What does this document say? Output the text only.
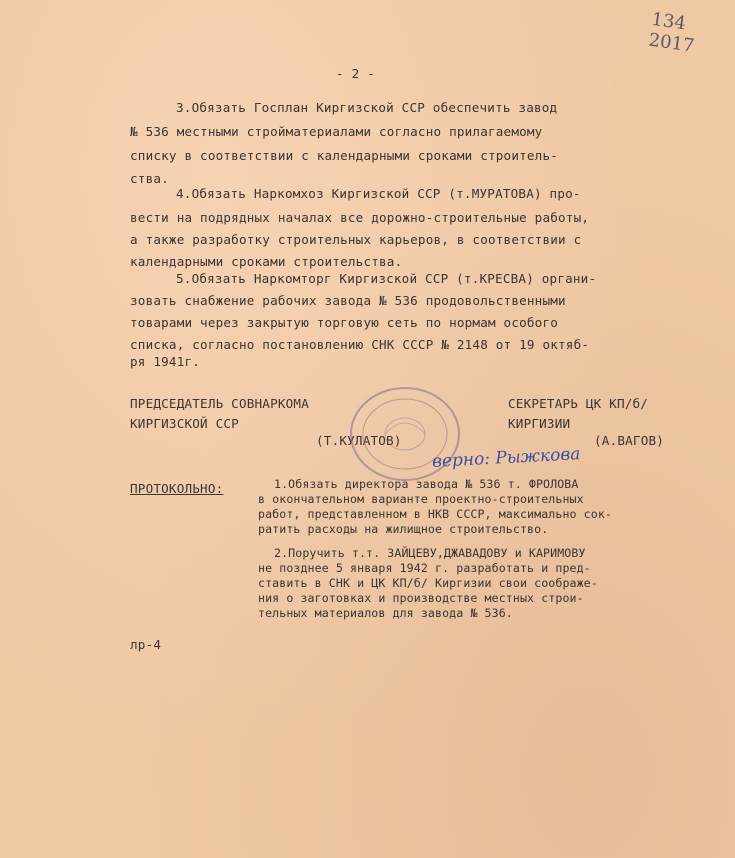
134 2017
- 2 -
3.Обязать Госплан Киргизской ССР обеспечить завод
№ 536 местными стройматериалами согласно прилагаемому
списку в соответствии с календарными сроками строитель-
ства.
4.Обязать Наркомхоз Киргизской ССР (т.МУРАТОВА) про-
вести на подрядных началах все дорожно-строительные работы,
а также разработку строительных карьеров, в соответствии с
календарными сроками строительства.
5.Обязать Наркомторг Киргизской ССР (т.КРЕСВА) органи-
зовать снабжение рабочих завода № 536 продовольственными
товарами через закрытую торговую сеть по нормам особого
списка, согласно постановлению СНК СССР № 2148 от 19 октяб-
ря 1941г.
ПРЕДСЕДАТЕЛЬ СОВНАРКОМА
КИРГИЗСКОЙ ССР
(Т.КУЛАТОВ)
СЕКРЕТАРЬ ЦК КП/б/
КИРГИЗИИ
(А.ВАГОВ)
верно: Рыжкова
ПРОТОКОЛЬНО:	1.Обязать директора завода № 536 т. ФРОЛОВА
в окончательном варианте проектно-строительных
работ, представленном в НКВ СССР, максимально сок-
ратить расходы на жилищное строительство.
2.Поручить т.т. ЗАЙЦЕВУ,ДЖАВАДОВУ и КАРИМОВУ
не позднее 5 января 1942 г. разработать и пред-
ставить в СНК и ЦК КП/б/ Киргизии свои соображе-
ния о заготовках и производстве местных стрoи-
тельных материалов для завода № 536.
лр-4
